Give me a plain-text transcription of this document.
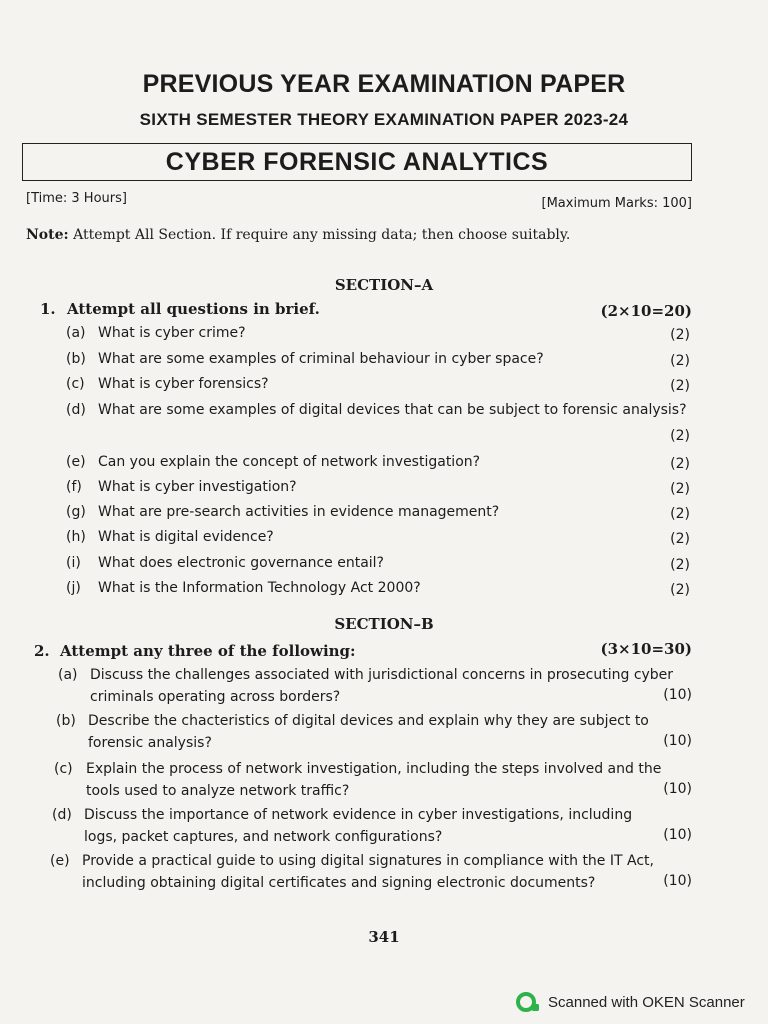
PREVIOUS YEAR EXAMINATION PAPER
SIXTH SEMESTER THEORY EXAMINATION PAPER 2023-24
CYBER FORENSIC ANALYTICS
[Time: 3 Hours]	[Maximum Marks: 100]
Note: Attempt All Section. If require any missing data; then choose suitably.
SECTION–A
1. Attempt all questions in brief.	(2×10=20)
(a) What is cyber crime?	(2)
(b) What are some examples of criminal behaviour in cyber space?	(2)
(c) What is cyber forensics?	(2)
(d) What are some examples of digital devices that can be subject to forensic analysis?
(2)
(e) Can you explain the concept of network investigation?	(2)
(f) What is cyber investigation?	(2)
(g) What are pre-search activities in evidence management?	(2)
(h) What is digital evidence?	(2)
(i) What does electronic governance entail?	(2)
(j) What is the Information Technology Act 2000?	(2)
SECTION–B
2. Attempt any three of the following:	(3×10=30)
(a) Discuss the challenges associated with jurisdictional concerns in prosecuting cyber
criminals operating across borders?	(10)
(b) Describe the chacteristics of digital devices and explain why they are subject to
forensic analysis?	(10)
(c) Explain the process of network investigation, including the steps involved and the
tools used to analyze network traffic?	(10)
(d) Discuss the importance of network evidence in cyber investigations, including
logs, packet captures, and network configurations?	(10)
(e) Provide a practical guide to using digital signatures in compliance with the IT Act,
including obtaining digital certificates and signing electronic documents?	(10)
341
Scanned with OKEN Scanner
